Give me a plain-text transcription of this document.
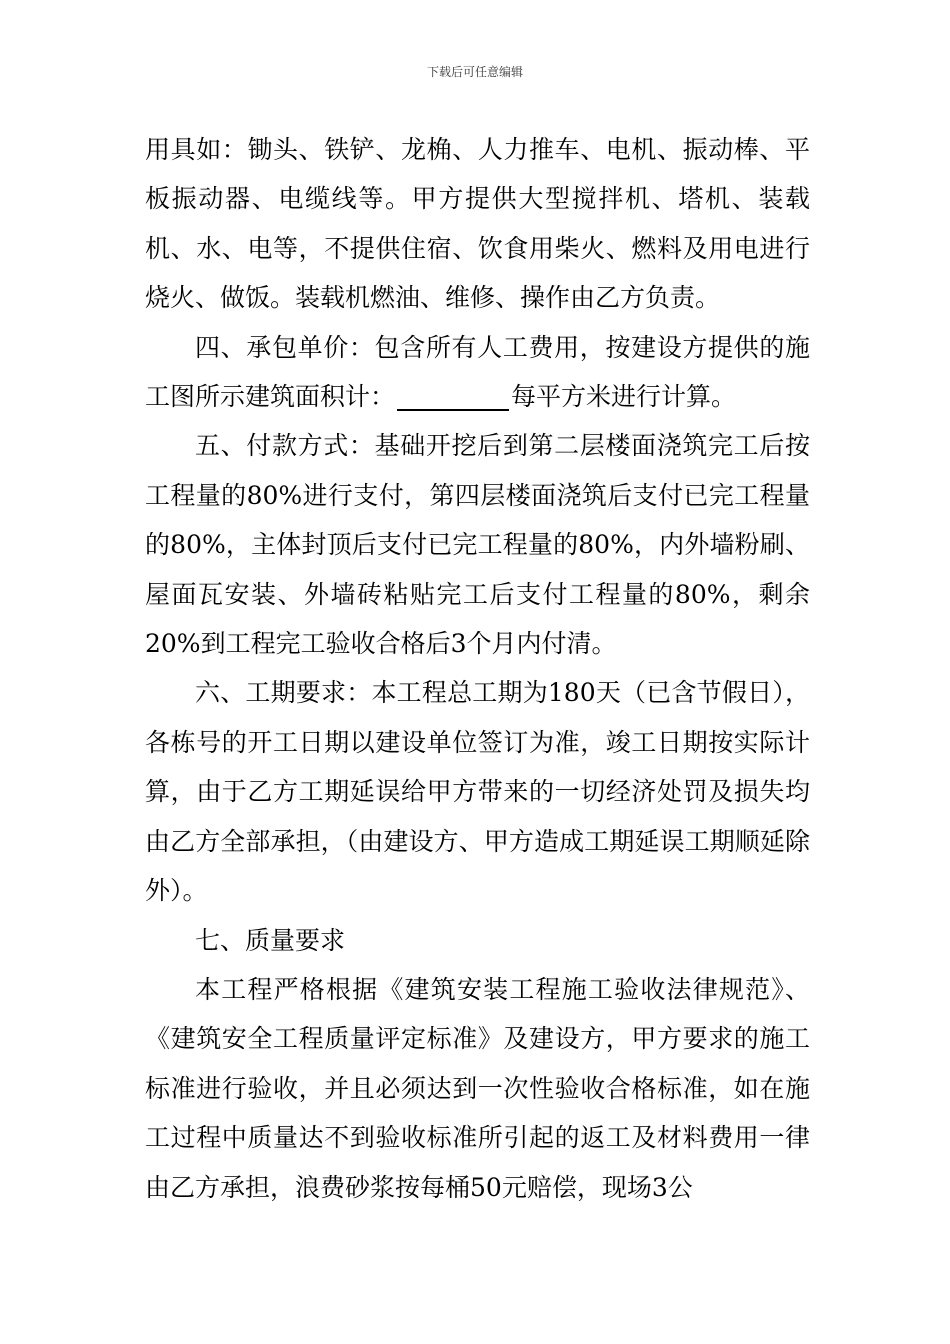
下载后可任意编辑

用具如：锄头、铁铲、龙桷、人力推车、电机、振动棒、平板振动器、电缆线等。甲方提供大型搅拌机、塔机、装载机、水、电等，不提供住宿、饮食用柴火、燃料及用电进行烧火、做饭。装载机燃油、维修、操作由乙方负责。

四、承包单价：包含所有人工费用，按建设方提供的施工图所示建筑面积计：	每平方米进行计算。

五、付款方式：基础开挖后到第二层楼面浇筑完工后按工程量的80%进行支付，第四层楼面浇筑后支付已完工程量的80%，主体封顶后支付已完工程量的80%，内外墙粉刷、屋面瓦安装、外墙砖粘贴完工后支付工程量的80%，剩余20%到工程完工验收合格后3个月内付清。

六、工期要求：本工程总工期为180天（已含节假日），各栋号的开工日期以建设单位签订为准，竣工日期按实际计算，由于乙方工期延误给甲方带来的一切经济处罚及损失均由乙方全部承担，（由建设方、甲方造成工期延误工期顺延除外）。

七、质量要求

本工程严格根据《建筑安装工程施工验收法律规范》、《建筑安全工程质量评定标准》及建设方，甲方要求的施工标准进行验收，并且必须达到一次性验收合格标准，如在施工过程中质量达不到验收标准所引起的返工及材料费用一律由乙方承担，浪费砂浆按每桶50元赔偿，现场3公
